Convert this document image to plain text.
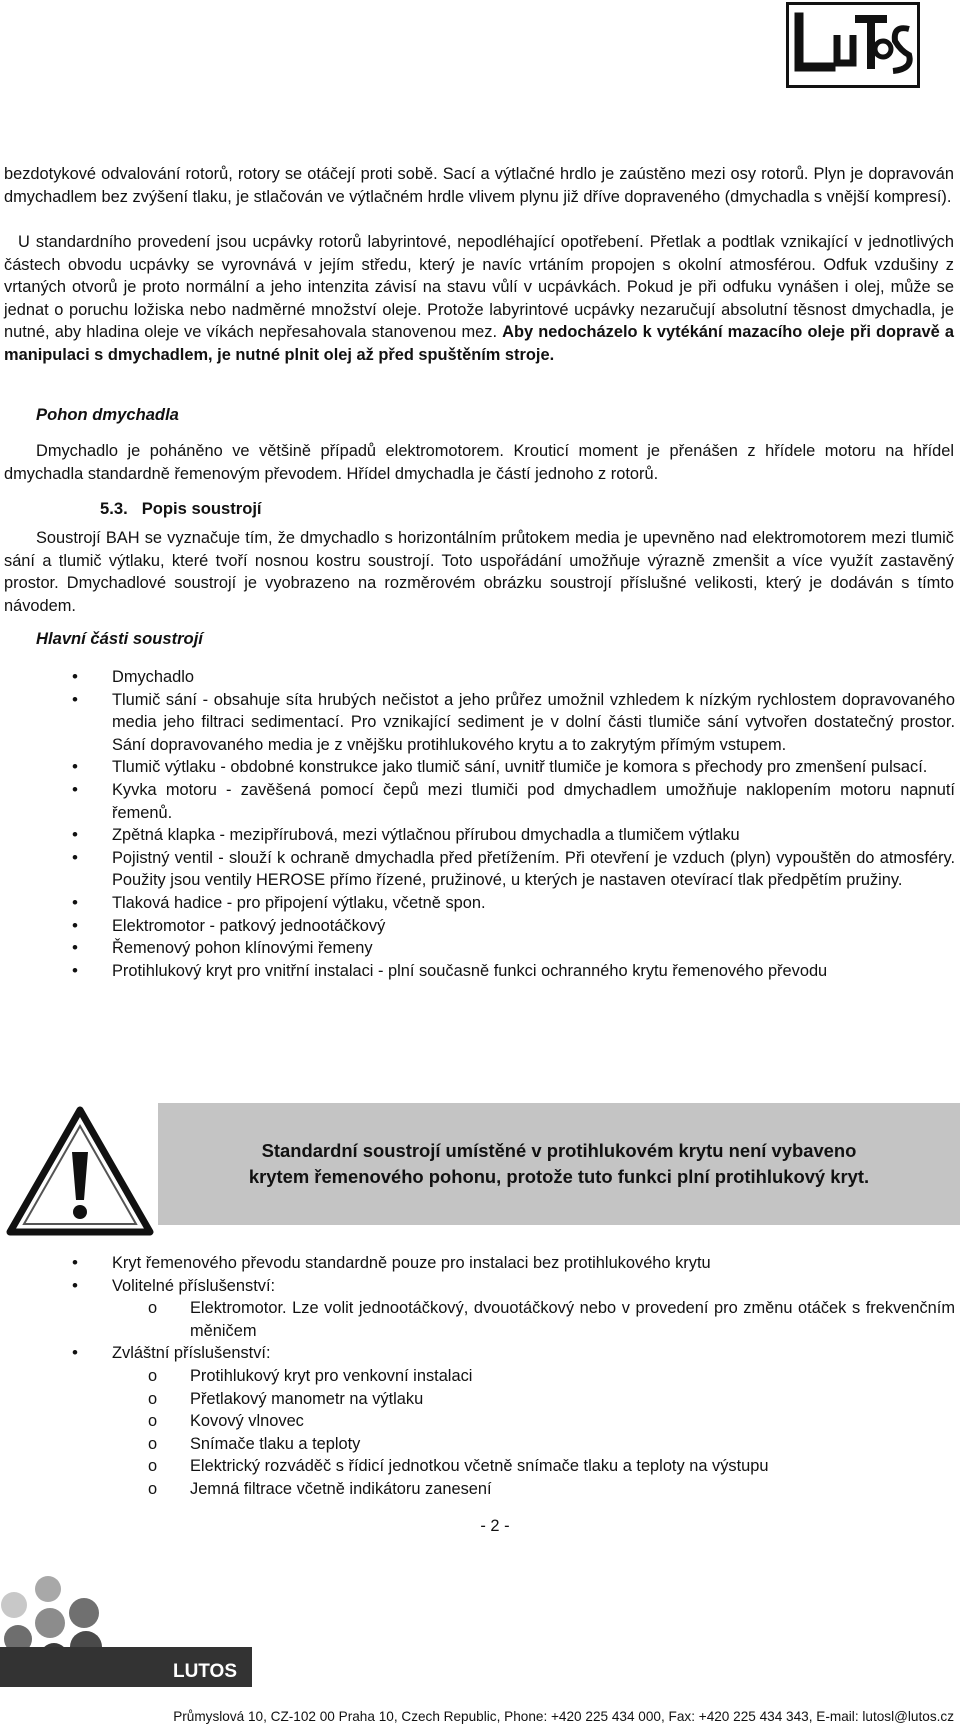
LuToS

bezdotykové odvalování rotorů, rotory se otáčejí proti sobě. Sací a výtlačné hrdlo je zaústěno mezi osy rotorů. Plyn je dopravován dmychadlem bez zvýšení tlaku, je stlačován ve výtlačném hrdle vlivem plynu již dříve dopraveného (dmychadla s vnější kompresí).

U standardního provedení jsou ucpávky rotorů labyrintové, nepodléhající opotřebení. Přetlak a podtlak vznikající v jednotlivých částech obvodu ucpávky se vyrovnává v jejím středu, který je navíc vrtáním propojen s okolní atmosférou. Odfuk vzdušiny z vrtaných otvorů je proto normální a jeho intenzita závisí na stavu vůlí v ucpávkách. Pokud je při odfuku vynášen i olej, může se jednat o poruchu ložiska nebo nadměrné množství oleje. Protože labyrintové ucpávky nezaručují absolutní těsnost dmychadla, je nutné, aby hladina oleje ve víkách nepřesahovala stanovenou mez. Aby nedocházelo k vytékání mazacího oleje při dopravě a manipulaci s dmychadlem, je nutné plnit olej až před spuštěním stroje.

Pohon dmychadla

Dmychadlo je poháněno ve většině případů elektromotorem. Krouticí moment je přenášen z hřídele motoru na hřídel dmychadla standardně řemenovým převodem. Hřídel dmychadla je částí jednoho z rotorů.

5.3. Popis soustrojí

Soustrojí BAH se vyznačuje tím, že dmychadlo s horizontálním průtokem media je upevněno nad elektromotorem mezi tlumič sání a tlumič výtlaku, které tvoří nosnou kostru soustrojí. Toto uspořádání umožňuje výrazně zmenšit a více využít zastavěný prostor. Dmychadlové soustrojí je vyobrazeno na rozměrovém obrázku soustrojí příslušné velikosti, který je dodáván s tímto návodem.

Hlavní části soustrojí

• Dmychadlo
• Tlumič sání - obsahuje síta hrubých nečistot a jeho průřez umožnil vzhledem k nízkým rychlostem dopravovaného media jeho filtraci sedimentací. Pro vznikající sediment je v dolní části tlumiče sání vytvořen dostatečný prostor. Sání dopravovaného media je z vnějšku protihlukového krytu a to zakrytým přímým vstupem.
• Tlumič výtlaku - obdobné konstrukce jako tlumič sání, uvnitř tlumiče je komora s přechody pro zmenšení pulsací.
• Kyvka motoru - zavěšená pomocí čepů mezi tlumiči pod dmychadlem umožňuje naklopením motoru napnutí řemenů.
• Zpětná klapka - mezipřírubová, mezi výtlačnou přírubou dmychadla a tlumičem výtlaku
• Pojistný ventil - slouží k ochraně dmychadla před přetížením. Při otevření je vzduch (plyn) vypouštěn do atmosféry. Použity jsou ventily HEROSE přímo řízené, pružinové, u kterých je nastaven otevírací tlak předpětím pružiny.
• Tlaková hadice - pro připojení výtlaku, včetně spon.
• Elektromotor - patkový jednootáčkový
• Řemenový pohon klínovými řemeny
• Protihlukový kryt pro vnitřní instalaci - plní současně funkci ochranného krytu řemenového převodu
Standardní soustrojí umístěné v protihlukovém krytu není vybaveno
krytem řemenového pohonu, protože tuto funkci plní protihlukový kryt.
• Kryt řemenového převodu standardně pouze pro instalaci bez protihlukového krytu
• Volitelné příslušenství:
o Elektromotor. Lze volit jednootáčkový, dvouotáčkový nebo v provedení pro změnu otáček s frekvenčním měničem
• Zvláštní příslušenství:
o Protihlukový kryt pro venkovní instalaci
o Přetlakový manometr na výtlaku
o Kovový vlnovec
o Snímače tlaku a teploty
o Elektrický rozváděč s řídicí jednotkou včetně snímače tlaku a teploty na výstupu
o Jemná filtrace včetně indikátoru zanesení
- 2 -
LUTOS
Průmyslová 10, CZ-102 00 Praha 10, Czech Republic, Phone: +420 225 434 000, Fax: +420 225 434 343, E-mail: lutosl@lutos.cz
